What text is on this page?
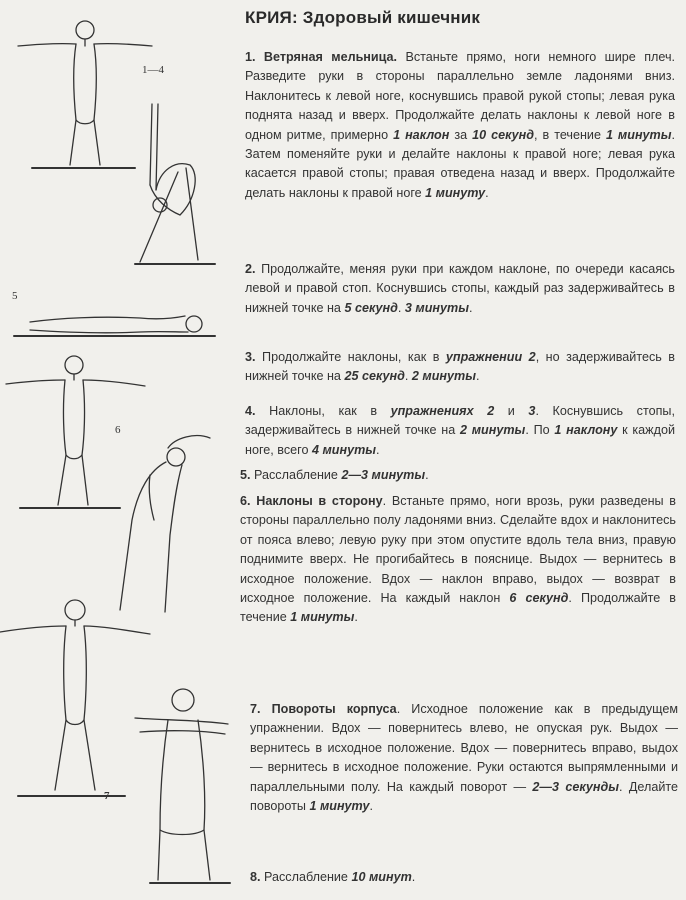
1—4
5
6
7
КРИЯ: Здоровый кишечник
1. Ветряная мельница. Встаньте прямо, ноги немного шире плеч. Разведите руки в стороны параллельно земле ладонями вниз. Наклонитесь к левой ноге, коснувшись правой рукой стопы; левая рука поднята назад и вверх. Продолжайте делать наклоны к левой ноге в одном ритме, примерно 1 наклон за 10 секунд, в течение 1 минуты. Затем поменяйте руки и делайте наклоны к правой ноге; левая рука касается правой стопы; правая отведена назад и вверх. Продолжайте делать наклоны к правой ноге 1 минуту.
2. Продолжайте, меняя руки при каждом наклоне, по очереди касаясь левой и правой стоп. Коснувшись стопы, каждый раз задерживайтесь в нижней точке на 5 секунд. 3 минуты.
3. Продолжайте наклоны, как в упражнении 2, но задерживайтесь в нижней точке на 25 секунд. 2 минуты.
4. Наклоны, как в упражнениях 2 и 3. Коснувшись стопы, задерживайтесь в нижней точке на 2 минуты. По 1 наклону к каждой ноге, всего 4 минуты.
5. Расслабление 2—3 минуты.
6. Наклоны в сторону. Встаньте прямо, ноги врозь, руки разведены в стороны параллельно полу ладонями вниз. Сделайте вдох и наклонитесь от пояса влево; левую руку при этом опустите вдоль тела вниз, правую поднимите вверх. Не прогибайтесь в пояснице. Выдох — вернитесь в исходное положение. Вдох — наклон вправо, выдох — возврат в исходное положение. На каждый наклон 6 секунд. Продолжайте в течение 1 минуты.
7. Повороты корпуса. Исходное положение как в предыдущем упражнении. Вдох — повернитесь влево, не опуская рук. Выдох — вернитесь в исходное положение. Вдох — повернитесь вправо, выдох — вернитесь в исходное положение. Руки остаются выпрямленными и параллельными полу. На каждый поворот — 2—3 секунды. Делайте повороты 1 минуту.
8. Расслабление 10 минут.
